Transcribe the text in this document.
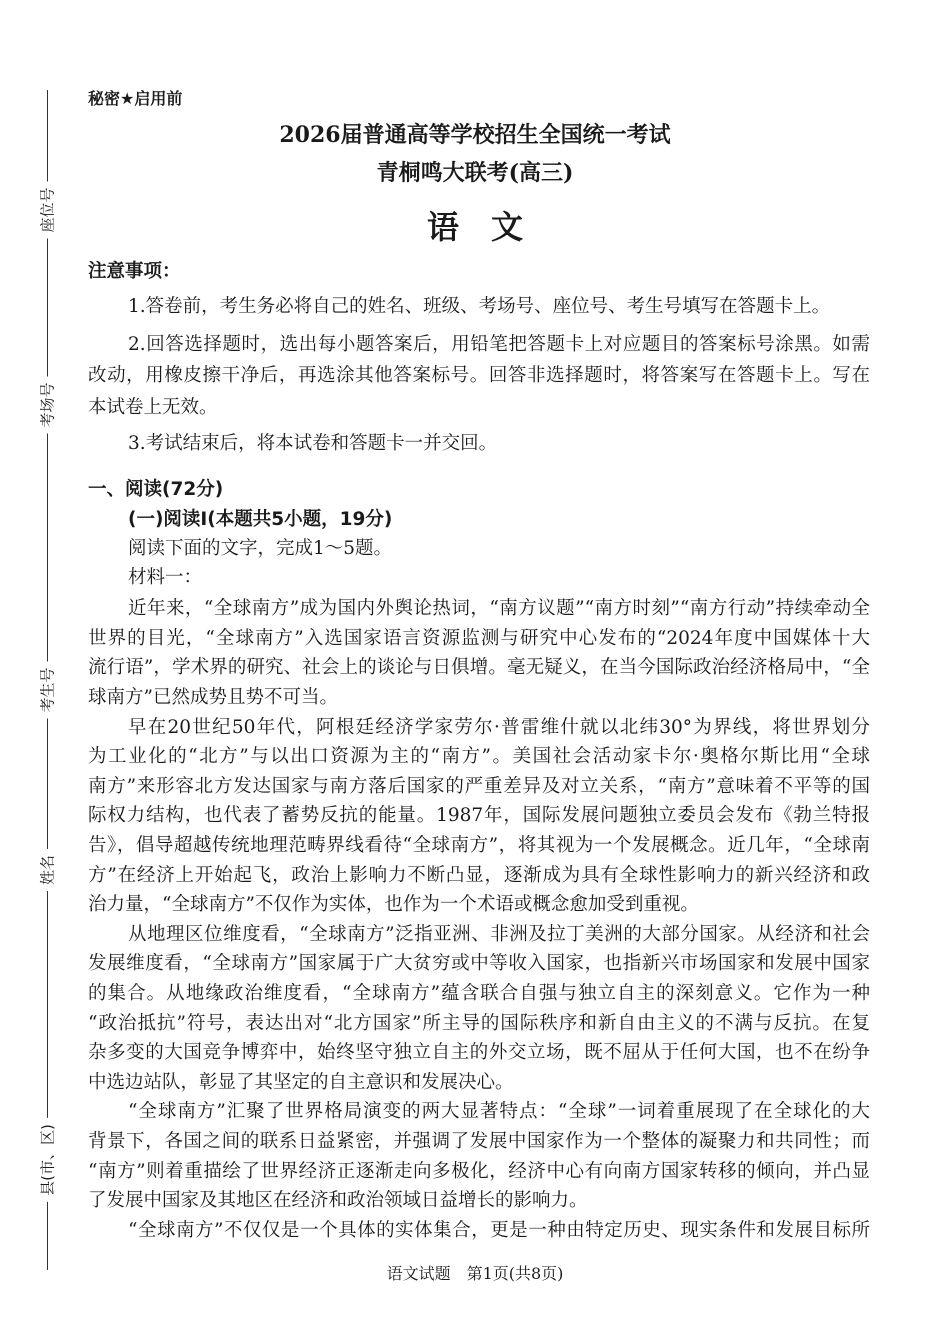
座位号
考场号
考生号
姓名
县(市、区)
秘密★启用前
2026届普通高等学校招生全国统一考试
青桐鸣大联考(高三)
语　文
注意事项：
1.答卷前，考生务必将自己的姓名、班级、考场号、座位号、考生号填写在答题卡上。
2.回答选择题时，选出每小题答案后，用铅笔把答题卡上对应题目的答案标号涂黑。如需
改动，用橡皮擦干净后，再选涂其他答案标号。回答非选择题时，将答案写在答题卡上。写在
本试卷上无效。
3.考试结束后，将本试卷和答题卡一并交回。
一、阅读(72分)
(一)阅读Ⅰ(本题共5小题，19分)
阅读下面的文字，完成1～5题。
材料一：
近年来，“全球南方”成为国内外舆论热词，“南方议题”“南方时刻”“南方行动”持续牵动全
世界的目光，“全球南方”入选国家语言资源监测与研究中心发布的“2024年度中国媒体十大
流行语”，学术界的研究、社会上的谈论与日俱增。毫无疑义，在当今国际政治经济格局中，“全
球南方”已然成势且势不可当。
早在20世纪50年代，阿根廷经济学家劳尔·普雷维什就以北纬30°为界线，将世界划分
为工业化的“北方”与以出口资源为主的“南方”。美国社会活动家卡尔·奥格尔斯比用“全球
南方”来形容北方发达国家与南方落后国家的严重差异及对立关系，“南方”意味着不平等的国
际权力结构，也代表了蓄势反抗的能量。1987年，国际发展问题独立委员会发布《勃兰特报
告》，倡导超越传统地理范畴界线看待“全球南方”，将其视为一个发展概念。近几年，“全球南
方”在经济上开始起飞，政治上影响力不断凸显，逐渐成为具有全球性影响力的新兴经济和政
治力量，“全球南方”不仅作为实体，也作为一个术语或概念愈加受到重视。
从地理区位维度看，“全球南方”泛指亚洲、非洲及拉丁美洲的大部分国家。从经济和社会
发展维度看，“全球南方”国家属于广大贫穷或中等收入国家，也指新兴市场国家和发展中国家
的集合。从地缘政治维度看，“全球南方”蕴含联合自强与独立自主的深刻意义。它作为一种
“政治抵抗”符号，表达出对“北方国家”所主导的国际秩序和新自由主义的不满与反抗。在复
杂多变的大国竞争博弈中，始终坚守独立自主的外交立场，既不屈从于任何大国，也不在纷争
中选边站队，彰显了其坚定的自主意识和发展决心。
“全球南方”汇聚了世界格局演变的两大显著特点：“全球”一词着重展现了在全球化的大
背景下，各国之间的联系日益紧密，并强调了发展中国家作为一个整体的凝聚力和共同性；而
“南方”则着重描绘了世界经济正逐渐走向多极化，经济中心有向南方国家转移的倾向，并凸显
了发展中国家及其地区在经济和政治领域日益增长的影响力。
“全球南方”不仅仅是一个具体的实体集合，更是一种由特定历史、现实条件和发展目标所
语文试题　第1页(共8页)
